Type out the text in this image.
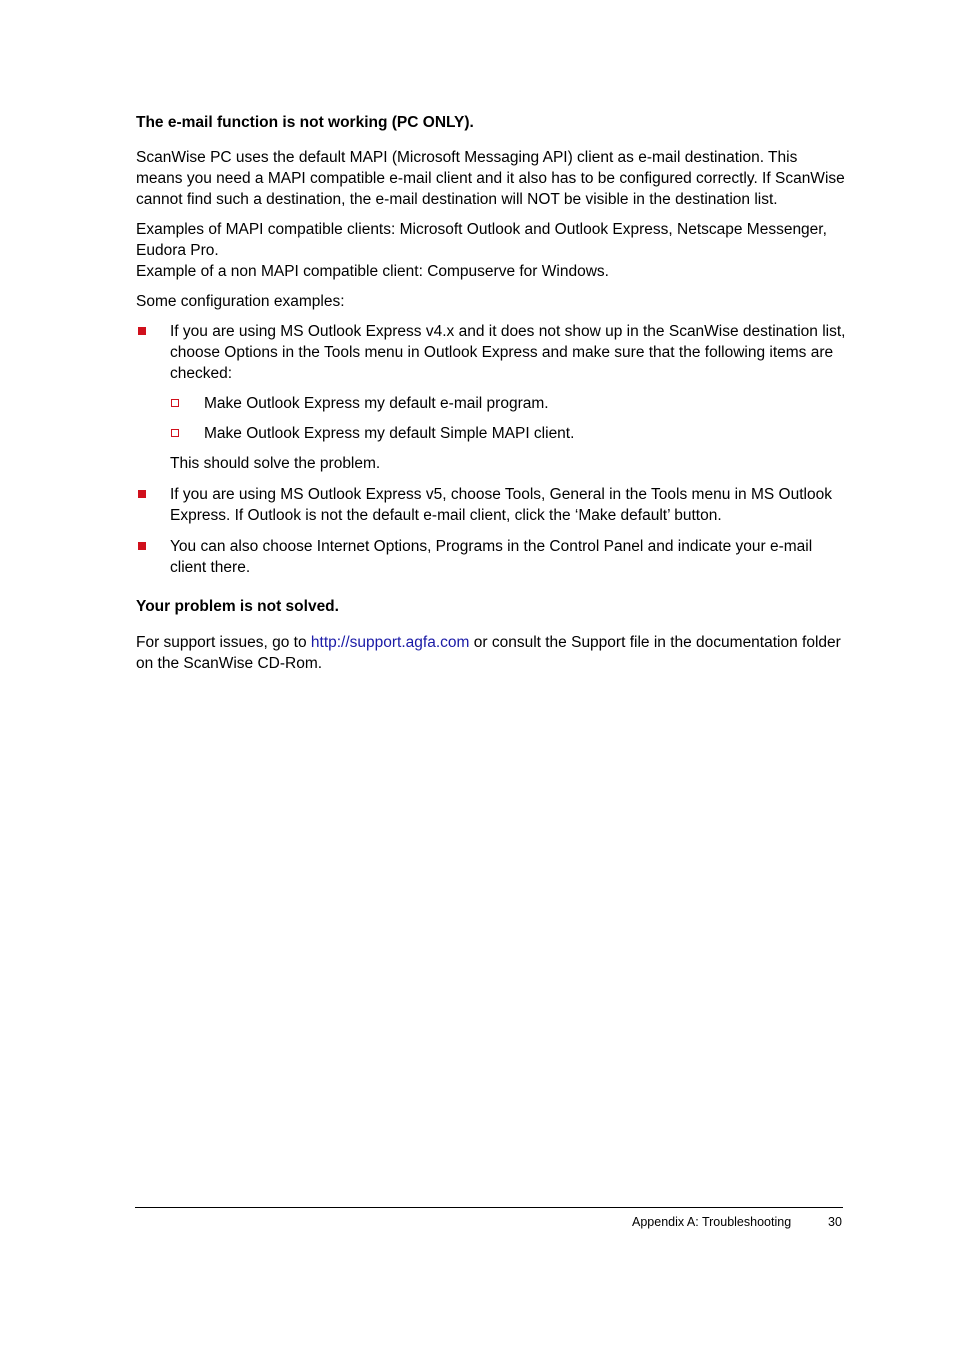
The e-mail function is not working (PC ONLY).

ScanWise PC uses the default MAPI (Microsoft Messaging API) client as e-mail destination. This means you need a MAPI compatible e-mail client and it also has to be configured correctly. If ScanWise cannot find such a destination, the e-mail destination will NOT be visible in the destination list.

Examples of MAPI compatible clients: Microsoft Outlook and Outlook Express, Netscape Messenger, Eudora Pro.
Example of a non MAPI compatible client: Compuserve for Windows.

Some configuration examples:

If you are using MS Outlook Express v4.x and it does not show up in the ScanWise destination list, choose Options in the Tools menu in Outlook Express and make sure that the following items are checked:
Make Outlook Express my default e-mail program.
Make Outlook Express my default Simple MAPI client.

This should solve the problem.

If you are using MS Outlook Express v5, choose Tools, General in the Tools menu in MS Outlook Express. If Outlook is not the default e-mail client, click the ‘Make default’ button.
You can also choose Internet Options, Programs in the Control Panel and indicate your e-mail client there.

Your problem is not solved.

For support issues, go to http://support.agfa.com or consult the Support file in the documentation folder on the ScanWise CD-Rom.

Appendix A: Troubleshooting	30
